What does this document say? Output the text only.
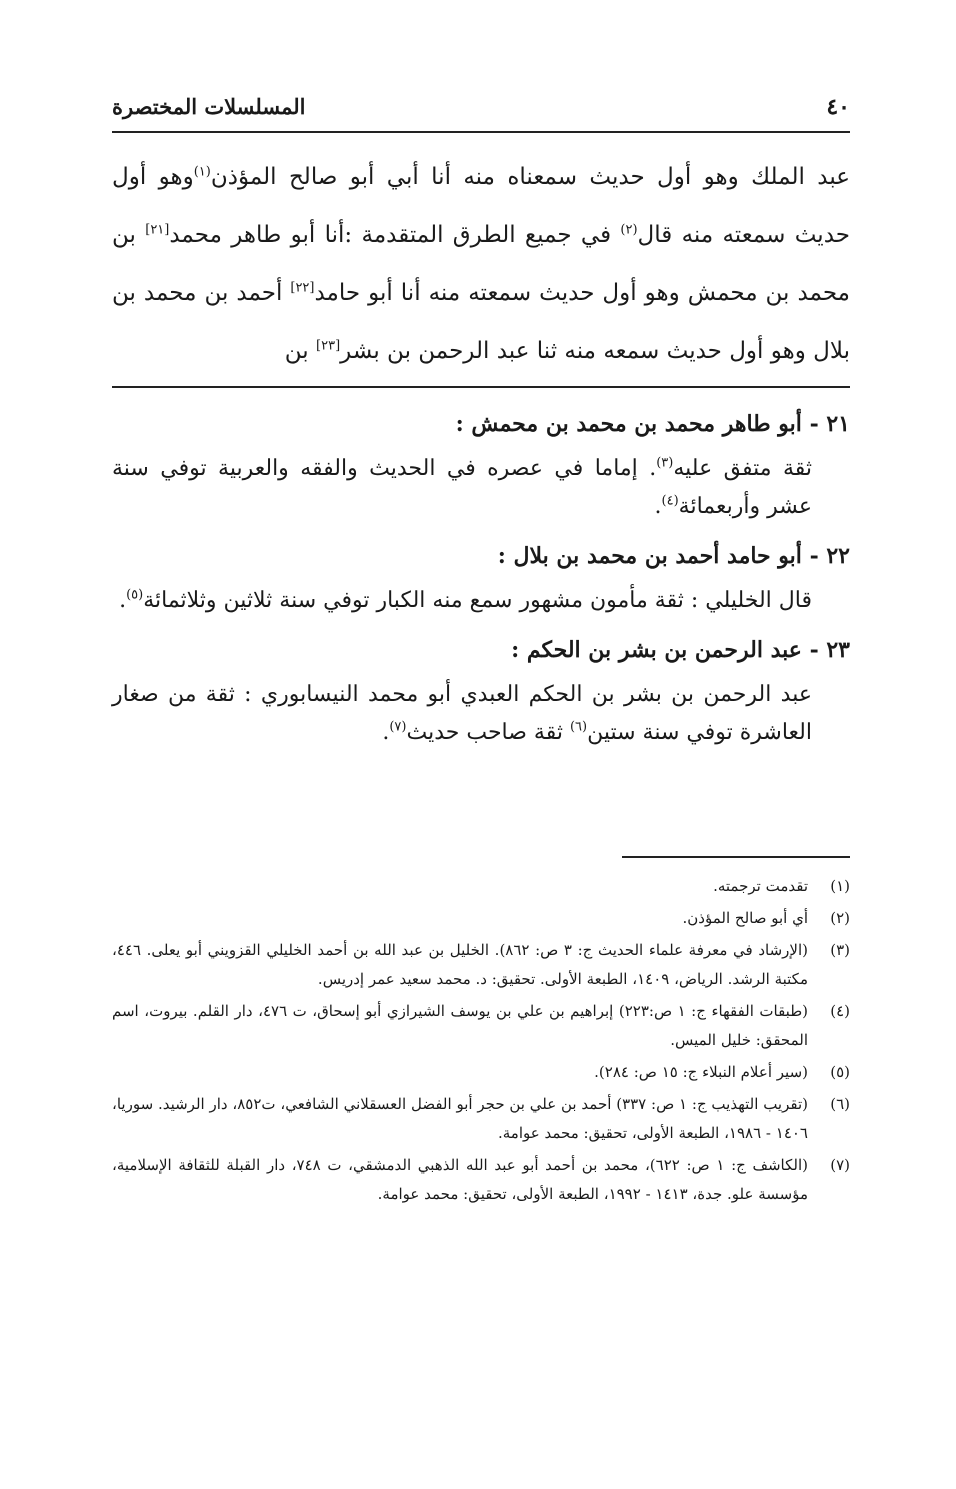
٤٠
المسلسلات المختصرة

عبد الملك وهو أول حديث سمعناه منه أنا أبي أبو صالح المؤذن$^{(١)}$وهو أول حديث سمعته منه قال$^{(٢)}$ في جميع الطرق المتقدمة :أنا أبو طاهر محمد[٢١] بن محمد بن محمش وهو أول حديث سمعته منه أنا أبو حامد[٢٢] أحمد بن محمد بن بلال وهو أول حديث سمعه منه ثنا عبد الرحمن بن بشر[٢٣] بن

٢١ - أبو طاهر محمد بن محمد بن محمش :
ثقة متفق عليه$^{(٣)}$. إماما في عصره في الحديث والفقه والعربية توفي سنة عشر وأربعمائة$^{(٤)}$.
٢٢ - أبو حامد أحمد بن محمد بن بلال :
قال الخليلي : ثقة مأمون مشهور سمع منه الكبار توفي سنة ثلاثين وثلاثمائة$^{(٥)}$.
٢٣ - عبد الرحمن بن بشر بن الحكم :
عبد الرحمن بن بشر بن الحكم العبدي أبو محمد النيسابوري : ثقة من صغار العاشرة توفي سنة ستين$^{(٦)}$ ثقة صاحب حديث$^{(٧)}$.
(١)
تقدمت ترجمته.
(٢)
أي أبو صالح المؤذن.
(٣)
(الإرشاد في معرفة علماء الحديث ج: ٣ ص: ٨٦٢). الخليل بن عبد الله بن أحمد الخليلي القزويني أبو يعلى. ٤٤٦، مكتبة الرشد. الرياض، ١٤٠٩، الطبعة الأولى. تحقيق: د. محمد سعيد عمر إدريس.
(٤)
(طبقات الفقهاء ج: ١ ص:٢٢٣) إبراهيم بن علي بن يوسف الشيرازي أبو إسحاق، ت ٤٧٦، دار القلم. بيروت، اسم المحقق: خليل الميس.
(٥)
(سير أعلام النبلاء ج: ١٥ ص: ٢٨٤).
(٦)
(تقريب التهذيب ج: ١ ص: ٣٣٧) أحمد بن علي بن حجر أبو الفضل العسقلاني الشافعي، ت٨٥٢، دار الرشيد. سوريا، ١٤٠٦ - ١٩٨٦، الطبعة الأولى، تحقيق: محمد عوامة.
(٧)
(الكاشف ج: ١ ص: ٦٢٢)، محمد بن أحمد أبو عبد الله الذهبي الدمشقي، ت ٧٤٨، دار القبلة للثقافة الإسلامية، مؤسسة علو. جدة، ١٤١٣ - ١٩٩٢، الطبعة الأولى، تحقيق: محمد عوامة.
